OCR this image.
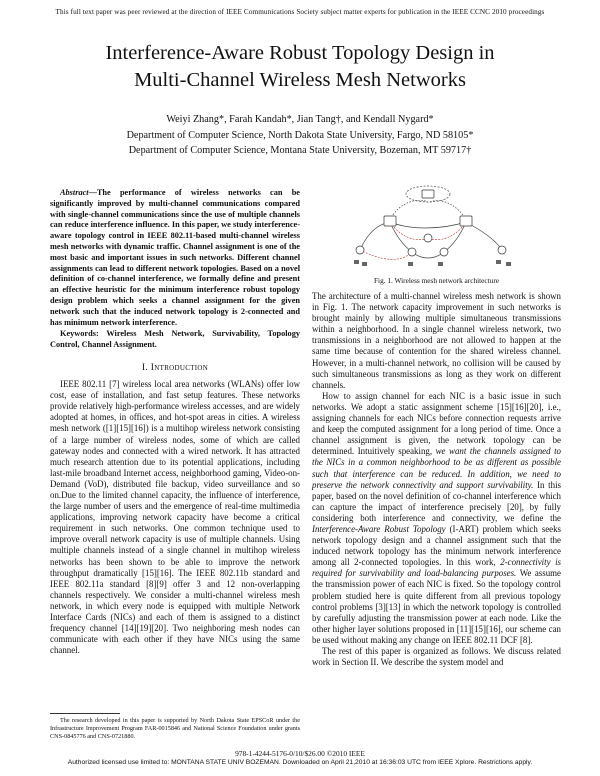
This full text paper was peer reviewed at the direction of IEEE Communications Society subject matter experts for publication in the IEEE CCNC 2010 proceedings
Interference-Aware Robust Topology Design in
Multi-Channel Wireless Mesh Networks
Weiyi Zhang*, Farah Kandah*, Jian Tang†, and Kendall Nygard*
Department of Computer Science, North Dakota State University, Fargo, ND 58105*
Department of Computer Science, Montana State University, Bozeman, MT 59717†

Abstract—The performance of wireless networks can be significantly improved by multi-channel communications compared with single-channel communications since the use of multiple channels can reduce interference influence. In this paper, we study interference-aware topology control in IEEE 802.11-based multi-channel wireless mesh networks with dynamic traffic. Channel assignment is one of the most basic and important issues in such networks. Different channel assignments can lead to different network topologies. Based on a novel definition of co-channel interference, we formally define and present an effective heuristic for the minimum interference robust topology design problem which seeks a channel assignment for the given network such that the induced network topology is 2-connected and has minimum network interference.

Keywords: Wireless Mesh Network, Survivability, Topology Control, Channel Assignment.

I. Introduction

IEEE 802.11 [7] wireless local area networks (WLANs) offer low cost, ease of installation, and fast setup features. These networks provide relatively high-performance wireless accesses, and are widely adopted at homes, in offices, and hot-spot areas in cities. A wireless mesh network ([1][15][16]) is a multihop wireless network consisting of a large number of wireless nodes, some of which are called gateway nodes and connected with a wired network. It has attracted much research attention due to its potential applications, including last-mile broadband Internet access, neighborhood gaming, Video-on-Demand (VoD), distributed file backup, video surveillance and so on.Due to the limited channel capacity, the influence of interference, the large number of users and the emergence of real-time multimedia applications, improving network capacity have become a critical requirement in such networks. One common technique used to improve overall network capacity is use of multiple channels. Using multiple channels instead of a single channel in multihop wireless networks has been shown to be able to improve the network throughput dramatically [15][16]. The IEEE 802.11b standard and IEEE 802.11a standard [8][9] offer 3 and 12 non-overlapping channels respectively. We consider a multi-channel wireless mesh network, in which every node is equipped with multiple Network Interface Cards (NICs) and each of them is assigned to a distinct frequency channel [14][19][20]. Two neighboring mesh nodes can communicate with each other if they have NICs using the same channel.

The research developed in this paper is supported by North Dakota State EPSCoR under the Infrastructure Improvement Program FAR-0015846 and National Science Foundation under grants CNS-0845776 and CNS-0721880.
Fig. 1. Wireless mesh network architecture

The architecture of a multi-channel wireless mesh network is shown in Fig. 1. The network capacity improvement in such networks is brought mainly by allowing multiple simultaneous transmissions within a neighborhood. In a single channel wireless network, two transmissions in a neighborhood are not allowed to happen at the same time because of contention for the shared wireless channel. However, in a multi-channel network, no collision will be caused by such simultaneous transmissions as long as they work on different channels.

How to assign channel for each NIC is a basic issue in such networks. We adopt a static assignment scheme [15][16][20], i.e., assigning channels for each NICs before connection requests arrive and keep the computed assignment for a long period of time. Once a channel assignment is given, the network topology can be determined. Intuitively speaking, we want the channels assigned to the NICs in a common neighborhood to be as different as possible such that interference can be reduced. In addition, we need to preserve the network connectivity and support survivability. In this paper, based on the novel definition of co-channel interference which can capture the impact of interference precisely [20], by fully considering both interference and connectivity, we define the Interference-Aware Robust Topology (I-ART) problem which seeks network topology design and a channel assignment such that the induced network topology has the minimum network interference among all 2-connected topologies. In this work, 2-connectivity is required for survivability and load-balancing purposes. We assume the transmission power of each NIC is fixed. So the topology control problem studied here is quite different from all previous topology control problems [3][13] in which the network topology is controlled by carefully adjusting the transmission power at each node. Like the other higher layer solutions proposed in [11][15][16], our scheme can be used without making any change on IEEE 802.11 DCF [8].

The rest of this paper is organized as follows. We discuss related work in Section II. We describe the system model and

978-1-4244-5176-0/10/$26.00 ©2010 IEEE
Authorized licensed use limited to: MONTANA STATE UNIV BOZEMAN. Downloaded on April 21,2010 at 16:36:03 UTC from IEEE Xplore. Restrictions apply.
